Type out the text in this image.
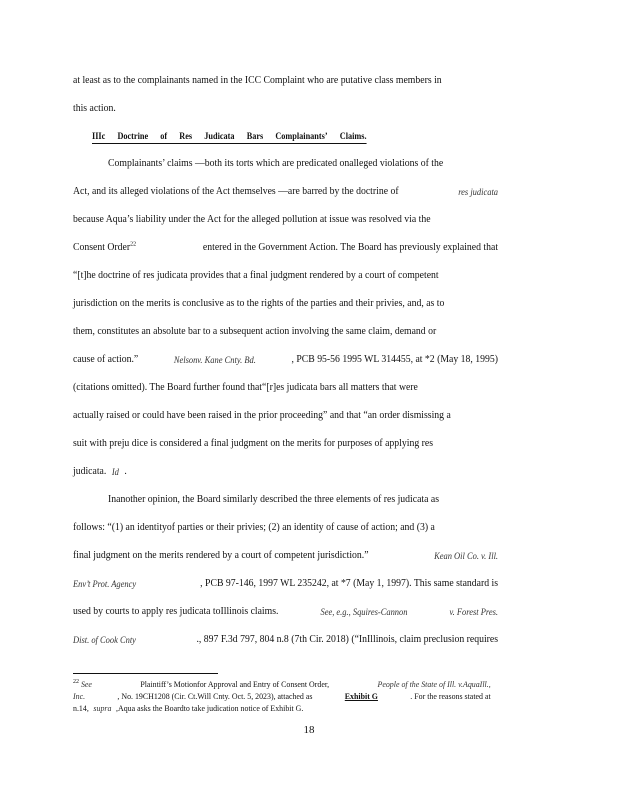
at least as to the complainants named in the ICC Complaint who are putative class members in
this action.
IIIc Doctrine of Res Judicata Bars Complainants’ Claims.
Complainants’ claims —both its torts which are predicated onalleged violations of the
Act, and its alleged violations of the Act themselves —are barred by the doctrine of	res judicata
because Aqua’s liability under the Act for the alleged pollution at issue was resolved via the
Consent Order$^{22}$	entered in the Government Action. The Board has previously explained that
“[t]he doctrine of res judicata provides that a final judgment rendered by a court of competent
jurisdiction on the merits is conclusive as to the rights of the parties and their privies, and, as to
them, constitutes an absolute bar to a subsequent action involving the same claim, demand or
cause of action.”	Nelsonv. Kane Cnty. Bd.	, PCB 95-56 1995 WL 314455, at *2 (May 18, 1995)
(citations omitted). The Board further found that“[r]es judicata bars all matters that were
actually raised or could have been raised in the prior proceeding” and that “an order dismissing a
suit with preju dice is considered a final judgment on the merits for purposes of applying res
judicata. Id .
Inanother opinion, the Board similarly described the three elements of res judicata as
follows: “(1) an identityof parties or their privies; (2) an identity of cause of action; and (3) a
final judgment on the merits rendered by a court of competent jurisdiction.”	Kean Oil Co. v. Ill.
Env’t Prot. Agency	, PCB 97-146, 1997 WL 235242, at *7 (May 1, 1997). This same standard is
used by courts to apply res judicata toIllinois claims.	See, e.g., Squires-Cannon	v. Forest Pres.
Dist. of Cook Cnty	., 897 F.3d 797, 804 n.8 (7th Cir. 2018) (“InIllinois, claim preclusion requires
$^{22}$ See	Plaintiff’s Motionfor Approval and Entry of Consent Order,	People of the State of Ill. v.AquaIll.,
Inc.	, No. 19CH1208 (Cir. Ct.Will Cnty. Oct. 5, 2023), attached as	Exhibit G	. For the reasons stated at
n.14, supra ,Aqua asks the Boardto take judication notice of Exhibit G.
18
